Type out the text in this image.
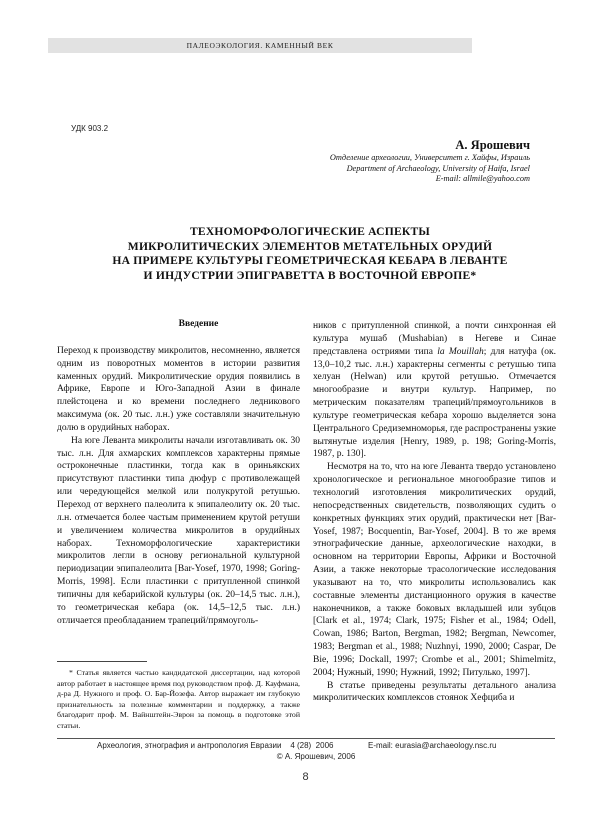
ПАЛЕОЭКОЛОГИЯ. КАМЕННЫЙ ВЕК
УДК 903.2
А. Ярошевич
Отделение археологии, Университет г. Хайфы, Израиль
Department of Archaeology, University of Haifa, Israel
E-mail: allmile@yahoo.com
ТЕХНОМОРФОЛОГИЧЕСКИЕ АСПЕКТЫ
МИКРОЛИТИЧЕСКИХ ЭЛЕМЕНТОВ МЕТАТЕЛЬНЫХ ОРУДИЙ
НА ПРИМЕРЕ КУЛЬТУРЫ ГЕОМЕТРИЧЕСКАЯ КЕБАРА В ЛЕВАНТЕ
И ИНДУСТРИИ ЭПИГРАВЕТТА В ВОСТОЧНОЙ ЕВРОПЕ*
Введение

Переход к производству микролитов, несомненно, является одним из поворотных моментов в истории развития каменных орудий. Микролитические орудия появились в Африке, Европе и Юго-Западной Азии в финале плейстоцена и ко времени последнего ледникового максимума (ок. 20 тыс. л.н.) уже составляли значительную долю в орудийных наборах.

На юге Леванта микролиты начали изготавливать ок. 30 тыс. л.н. Для ахмарских комплексов характерны прямые остроконечные пластинки, тогда как в ориньякских присутствуют пластинки типа дюфур с противолежащей или чередующейся мелкой или полукрутой ретушью. Переход от верхнего палеолита к эпипалеолиту ок. 20 тыс. л.н. отмечается более частым применением крутой ретуши и увеличением количества микролитов в орудийных наборах. Техноморфологические характеристики микролитов легли в основу региональной культурной периодизации эпипалеолита [Bar-Yosef, 1970, 1998; Goring-Morris, 1998]. Если пластинки с притупленной спинкой типичны для кебарийской культуры (ок. 20–14,5 тыс. л.н.), то геометрическая кебара (ок. 14,5–12,5 тыс. л.н.) отличается преобладанием трапеций/прямоуголь-

ников с притупленной спинкой, а почти синхронная ей культура мушаб (Mushabian) в Негеве и Синае представлена остриями типа la Mouillah; для натуфа (ок. 13,0–10,2 тыс. л.н.) характерны сегменты с ретушью типа хелуан (Helwan) или крутой ретушью. Отмечается многообразие и внутри культур. Например, по метрическим показателям трапеций/прямоугольников в культуре геометрическая кебара хорошо выделяется зона Центрального Средиземноморья, где распространены узкие вытянутые изделия [Henry, 1989, p. 198; Goring-Morris, 1987, p. 130].

Несмотря на то, что на юге Леванта твердо установлено хронологическое и региональное многообразие типов и технологий изготовления микролитических орудий, непосредственных свидетельств, позволяющих судить о конкретных функциях этих орудий, практически нет [Bar-Yosef, 1987; Bocquentin, Bar-Yosef, 2004]. В то же время этнографические данные, археологические находки, в основном на территории Европы, Африки и Восточной Азии, а также некоторые трасологические исследования указывают на то, что микролиты использовались как составные элементы дистанционного оружия в качестве наконечников, а также боковых вкладышей или зубцов [Clark et al., 1974; Clark, 1975; Fisher et al., 1984; Odell, Cowan, 1986; Barton, Bergman, 1982; Bergman, Newcomer, 1983; Bergman et al., 1988; Nuzhnyi, 1990, 2000; Caspar, De Bie, 1996; Dockall, 1997; Crombe et al., 2001; Shimelmitz, 2004; Нужный, 1990; Нужний, 1992; Питулько, 1997].

В статье приведены результаты детального анализа микролитических комплексов стоянок Хефциба и

* Статья является частью кандидатской диссертации, над которой автор работает в настоящее время под руководством проф. Д. Кауфмана, д-ра Д. Нужного и проф. О. Бар-Йозефа. Автор выражает им глубокую признательность за полезные комментарии и поддержку, а также благодарит проф. М. Вайнштейн-Эврон за помощь в подготовке этой статьи.

Археология, этнография и антропология Евразии    4 (28)  2006	E-mail: eurasia@archaeology.nsc.ru
© А. Ярошевич, 2006
8
